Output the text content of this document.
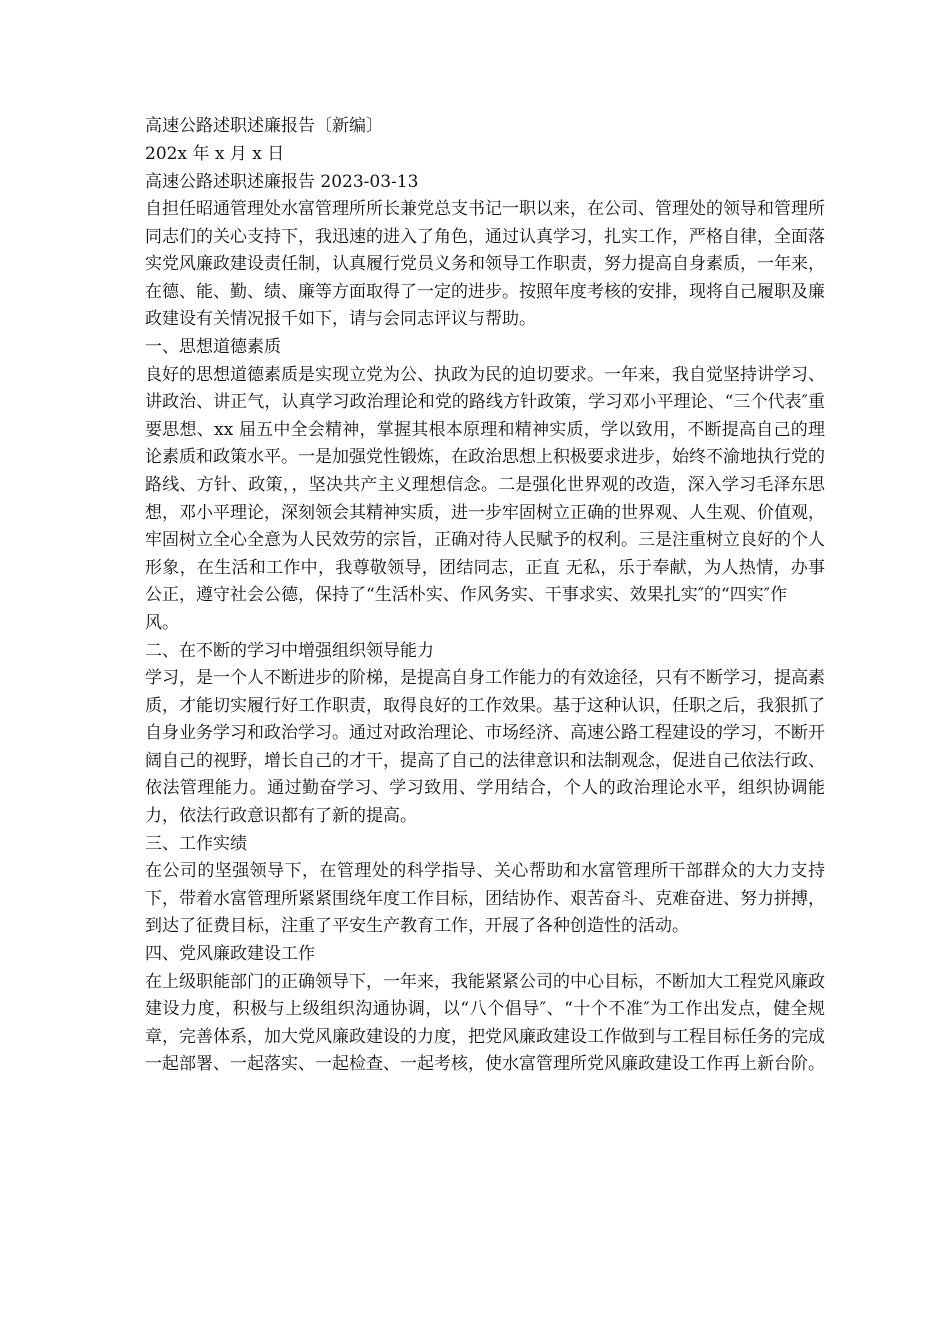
高速公路述职述廉报告〔新编〕
202x 年 x 月 x 日
高速公路述职述廉报告 2023-03-13
自担任昭通管理处水富管理所所长兼党总支书记一职以来，在公司、管理处的领导和管理所同志们的关心支持下，我迅速的进入了角色，通过认真学习，扎实工作，严格自律，全面落实党风廉政建设责任制，认真履行党员义务和领导工作职责，努力提高自身素质，一年来，在德、能、勤、绩、廉等方面取得了一定的进步。按照年度考核的安排，现将自己履职及廉政建设有关情况报千如下，请与会同志评议与帮助。
一、思想道德素质
良好的思想道德素质是实现立党为公、执政为民的迫切要求。一年来，我自觉坚持讲学习、讲政治、讲正气，认真学习政治理论和党的路线方针政策，学习邓小平理论、“三个代表″重要思想、xx 届五中全会精神，掌握其根本原理和精神实质，学以致用，不断提高自己的理论素质和政策水平。一是加强党性锻炼，在政治思想上积极要求进步，始终不渝地执行党的路线、方针、政策，，坚决共产主义理想信念。二是强化世界观的改造，深入学习毛泽东思想，邓小平理论，深刻领会其精神实质，进一步牢固树立正确的世界观、人生观、价值观，牢固树立全心全意为人民效劳的宗旨，正确对待人民赋予的权利。三是注重树立良好的个人形象，在生活和工作中，我尊敬领导，团结同志，正直 无私，乐于奉献，为人热情，办事公正，遵守社会公德，保持了“生活朴实、作风务实、干事求实、效果扎实″的“四实″作
风。
二、在不断的学习中增强组织领导能力
学习，是一个人不断进步的阶梯，是提高自身工作能力的有效途径，只有不断学习，提高素质，才能切实履行好工作职责，取得良好的工作效果。基于这种认识，任职之后，我狠抓了自身业务学习和政治学习。通过对政治理论、市场经济、高速公路工程建设的学习，不断开阔自己的视野，增长自己的才干，提高了自己的法律意识和法制观念，促进自己依法行政、依法管理能力。通过勤奋学习、学习致用、学用结合，个人的政治理论水平，组织协调能力，依法行政意识都有了新的提高。
三、工作实绩
在公司的坚强领导下，在管理处的科学指导、关心帮助和水富管理所干部群众的大力支持下，带着水富管理所紧紧围绕年度工作目标，团结协作、艰苦奋斗、克难奋进、努力拼搏，到达了征费目标，注重了平安生产教育工作，开展了各种创造性的活动。
四、党风廉政建设工作
在上级职能部门的正确领导下，一年来，我能紧紧公司的中心目标，不断加大工程党风廉政建设力度，积极与上级组织沟通协调，以“八个倡导″、“十个不准″为工作出发点，健全规章，完善体系，加大党风廉政建设的力度，把党风廉政建设工作做到与工程目标任务的完成一起部署、一起落实、一起检查、一起考核，使水富管理所党风廉政建设工作再上新台阶。
